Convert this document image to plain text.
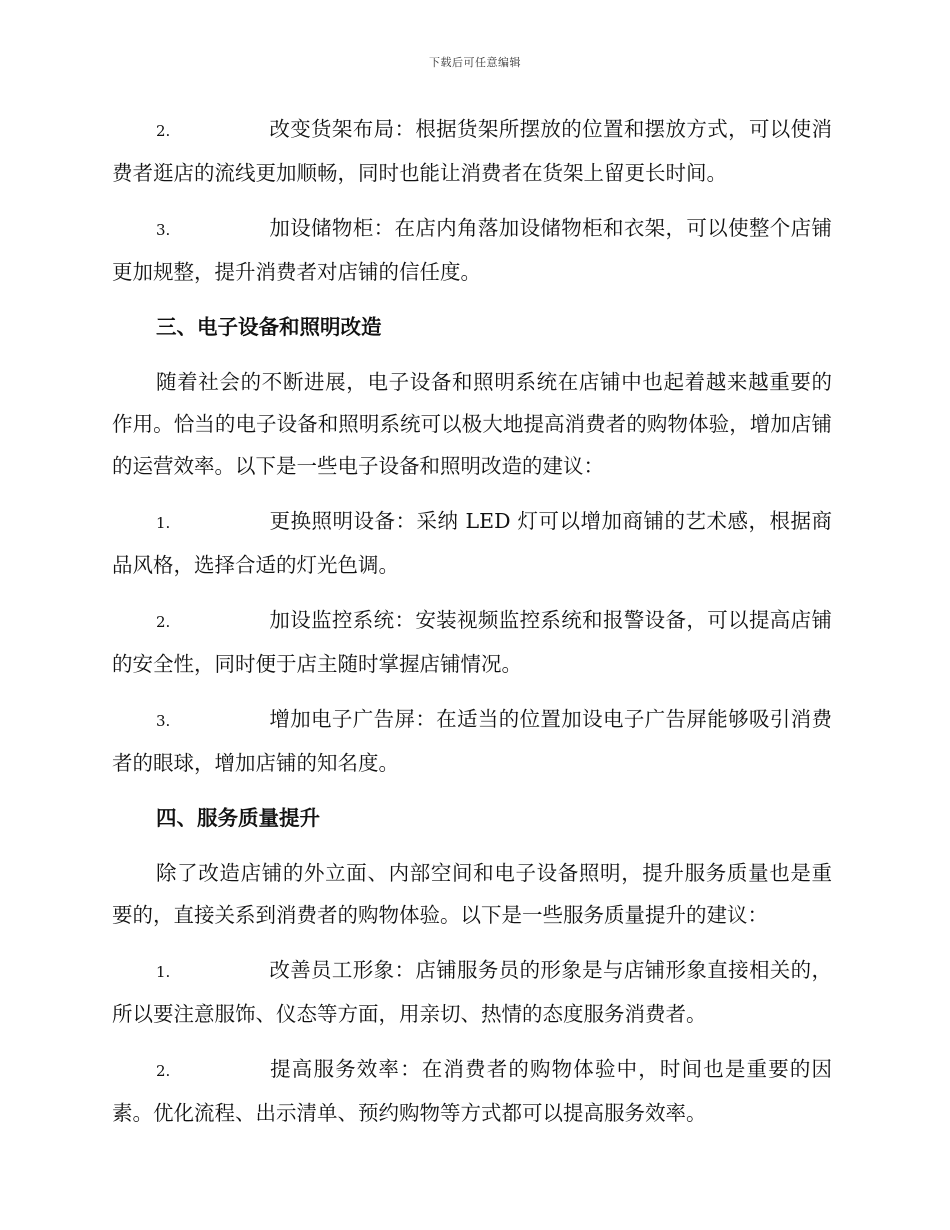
下载后可任意编辑

2.	改变货架布局：根据货架所摆放的位置和摆放方式，可以使消费者逛店的流线更加顺畅，同时也能让消费者在货架上留更长时间。

3.	加设储物柜：在店内角落加设储物柜和衣架，可以使整个店铺更加规整，提升消费者对店铺的信任度。

三、电子设备和照明改造

随着社会的不断进展，电子设备和照明系统在店铺中也起着越来越重要的作用。恰当的电子设备和照明系统可以极大地提高消费者的购物体验，增加店铺的运营效率。以下是一些电子设备和照明改造的建议：

1.	更换照明设备：采纳 LED 灯可以增加商铺的艺术感，根据商品风格，选择合适的灯光色调。

2.	加设监控系统：安装视频监控系统和报警设备，可以提高店铺的安全性，同时便于店主随时掌握店铺情况。

3.	增加电子广告屏：在适当的位置加设电子广告屏能够吸引消费者的眼球，增加店铺的知名度。

四、服务质量提升

除了改造店铺的外立面、内部空间和电子设备照明，提升服务质量也是重要的，直接关系到消费者的购物体验。以下是一些服务质量提升的建议：

1.	改善员工形象：店铺服务员的形象是与店铺形象直接相关的，所以要注意服饰、仪态等方面，用亲切、热情的态度服务消费者。

2.	提高服务效率：在消费者的购物体验中，时间也是重要的因素。优化流程、出示清单、预约购物等方式都可以提高服务效率。
